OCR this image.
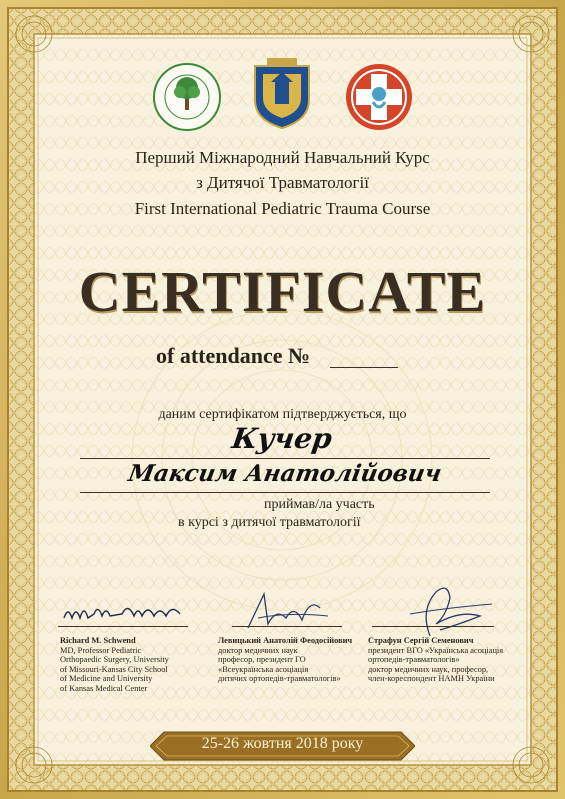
Перший Міжнародний Навчальний Курс
з Дитячої Травматології
First International Pediatric Trauma Course
CERTIFICATE
of attendance №
даним сертифікатом підтверджується, що
Кучер
Максим Анатолійович
приймав/ла участь
в курсі з дитячої травматології
Richard M. Schwend
MD, Professor Pediatric
Orthopaedic Surgery, University
of Missouri-Kansas City School
of Medicine and University
of Kansas Medical Center
Левицький Анатолій Феодосійович
доктор медичних наук
професор, президент ГО
«Всеукраїнська асоціація
дитячих ортопедів-травматологів»
Страфун Сергій Семенович
президент ВГО «Українська асоціація
ортопедів-травматологів»
доктор медичних наук, професор,
член-кореспондент НАМН України
25-26 жовтня 2018 року
